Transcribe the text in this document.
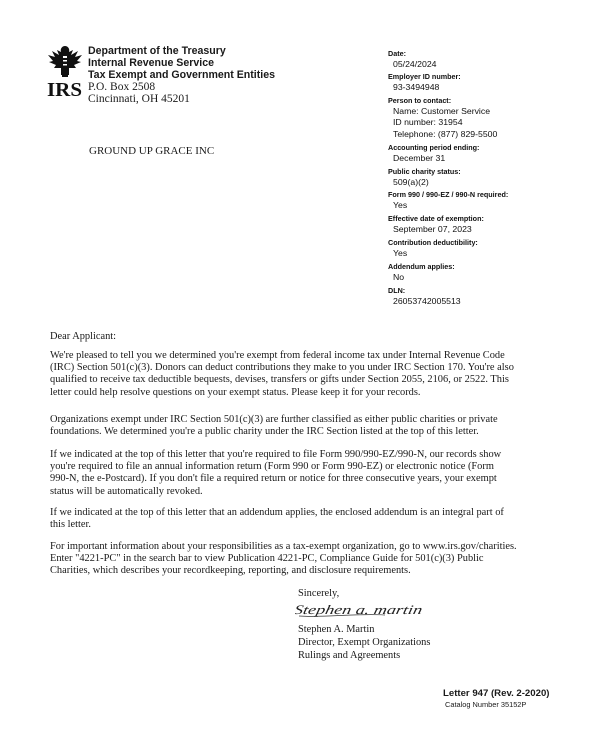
IRS
Department of the Treasury
Internal Revenue Service
Tax Exempt and Government Entities
P.O. Box 2508
Cincinnati, OH 45201
GROUND UP GRACE INC
Date:
05/24/2024
Employer ID number:
93-3494948
Person to contact:
Name: Customer Service
ID number: 31954
Telephone: (877) 829-5500
Accounting period ending:
December 31
Public charity status:
509(a)(2)
Form 990 / 990-EZ / 990-N required:
Yes
Effective date of exemption:
September 07, 2023
Contribution deductibility:
Yes
Addendum applies:
No
DLN:
26053742005513
Dear Applicant:
We're pleased to tell you we determined you're exempt from federal income tax under Internal Revenue Code
(IRC) Section 501(c)(3). Donors can deduct contributions they make to you under IRC Section 170. You're also
qualified to receive tax deductible bequests, devises, transfers or gifts under Section 2055, 2106, or 2522. This
letter could help resolve questions on your exempt status. Please keep it for your records.
Organizations exempt under IRC Section 501(c)(3) are further classified as either public charities or private
foundations. We determined you're a public charity under the IRC Section listed at the top of this letter.
If we indicated at the top of this letter that you're required to file Form 990/990-EZ/990-N, our records show
you're required to file an annual information return (Form 990 or Form 990-EZ) or electronic notice (Form
990-N, the e-Postcard). If you don't file a required return or notice for three consecutive years, your exempt
status will be automatically revoked.
If we indicated at the top of this letter that an addendum applies, the enclosed addendum is an integral part of
this letter.
For important information about your responsibilities as a tax-exempt organization, go to www.irs.gov/charities.
Enter "4221-PC" in the search bar to view Publication 4221-PC, Compliance Guide for 501(c)(3) Public
Charities, which describes your recordkeeping, reporting, and disclosure requirements.
Sincerely,
Stephen a. martin
Stephen A. Martin
Director, Exempt Organizations
Rulings and Agreements
Letter 947 (Rev. 2-2020)
Catalog Number 35152P
